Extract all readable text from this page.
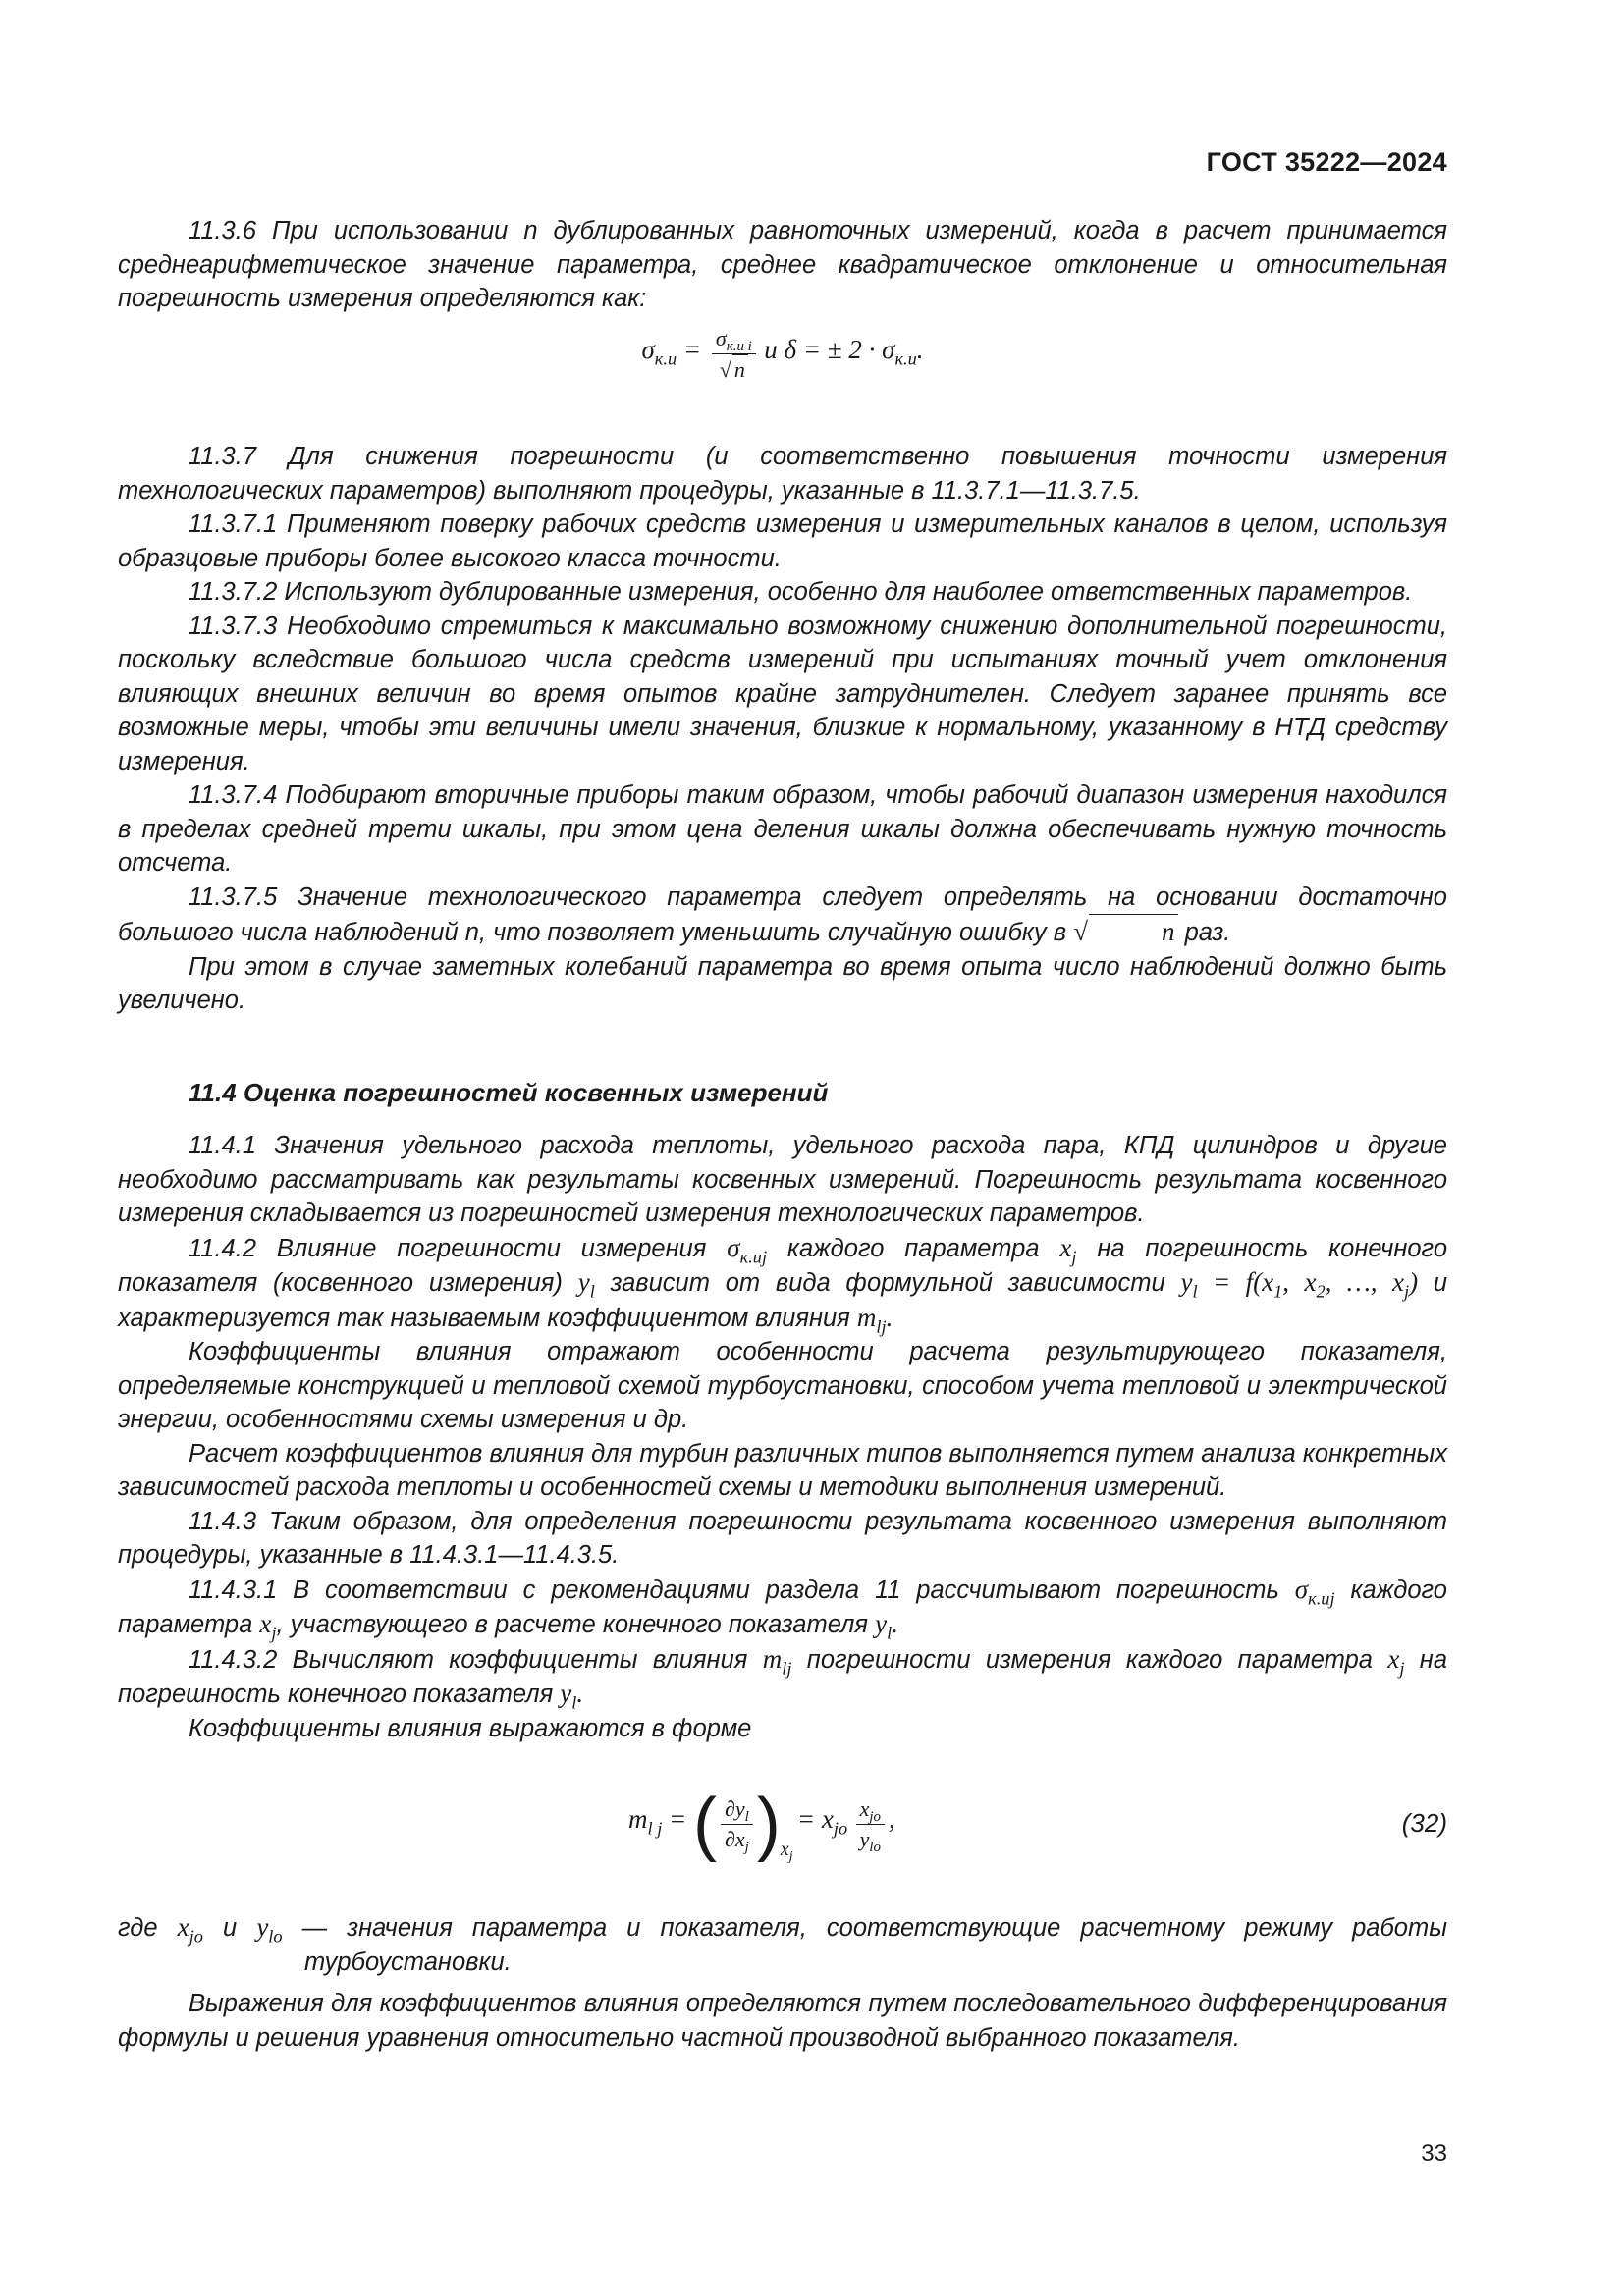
ГОСТ 35222—2024

11.3.6 При использовании n дублированных равноточных измерений, когда в расчет принимается среднеарифметическое значение параметра, среднее квадратическое отклонение и относительная погрешность измерения определяются как:

$\sigma_{к.и} = \frac{\sigma_{к.и i}}{√ n}$ и δ = ± $2 \cdot \sigma_{к.и}$.

11.3.7 Для снижения погрешности (и соответственно повышения точности измерения технологических параметров) выполняют процедуры, указанные в 11.3.7.1—11.3.7.5.

11.3.7.1 Применяют поверку рабочих средств измерения и измерительных каналов в целом, используя образцовые приборы более высокого класса точности.

11.3.7.2 Используют дублированные измерения, особенно для наиболее ответственных параметров.

11.3.7.3 Необходимо стремиться к максимально возможному снижению дополнительной погрешности, поскольку вследствие большого числа средств измерений при испытаниях точный учет отклонения влияющих внешних величин во время опытов крайне затруднителен. Следует заранее принять все возможные меры, чтобы эти величины имели значения, близкие к нормальному, указанному в НТД средству измерения.

11.3.7.4 Подбирают вторичные приборы таким образом, чтобы рабочий диапазон измерения находился в пределах средней трети шкалы, при этом цена деления шкалы должна обеспечивать нужную точность отсчета.

11.3.7.5 Значение технологического параметра следует определять на основании достаточно большого числа наблюдений n, что позволяет уменьшить случайную ошибку в √	n раз.

При этом в случае заметных колебаний параметра во время опыта число наблюдений должно быть увеличено.

11.4 Оценка погрешностей косвенных измерений

11.4.1 Значения удельного расхода теплоты, удельного расхода пара, КПД цилиндров и другие необходимо рассматривать как результаты косвенных измерений. Погрешность результата косвенного измерения складывается из погрешностей измерения технологических параметров.

11.4.2 Влияние погрешности измерения $\sigma_{к.uj}$ каждого параметра $x_j$ на погрешность конечного показателя (косвенного измерения) $y_l$ зависит от вида формульной зависимости $y_l = f(x_1$, $x_2$, …, $x_j$) и характеризуется так называемым коэффициентом влияния $m_{lj}$.

Коэффициенты влияния отражают особенности расчета результирующего показателя, определяемые конструкцией и тепловой схемой турбоустановки, способом учета тепловой и электрической энергии, особенностями схемы измерения и др.

Расчет коэффициентов влияния для турбин различных типов выполняется путем анализа конкретных зависимостей расхода теплоты и особенностей схемы и методики выполнения измерений.

11.4.3 Таким образом, для определения погрешности результата косвенного измерения выполняют процедуры, указанные в 11.4.3.1—11.4.3.5.

11.4.3.1 В соответствии с рекомендациями раздела 11 рассчитывают погрешность $\sigma_{к.uj}$ каждого параметра $x_j$, участвующего в расчете конечного показателя $y_l$.

11.4.3.2 Вычисляют коэффициенты влияния $m_{lj}$ погрешности измерения каждого параметра $x_j$ на погрешность конечного показателя $y_l$.

Коэффициенты влияния выражаются в форме

$m_{l j}$ = ( $\frac{\partial y_l}{\partial x_j} )x_j = x_{jo} \frac{x_{jo}}{y_{lo}}$ ,	(32)

где $x_{jo}$ и $y_{lo}$ — значения параметра и показателя, соответствующие расчетному режиму работы турбоустановки.

Выражения для коэффициентов влияния определяются путем последовательного дифференцирования формулы и решения уравнения относительно частной производной выбранного показателя.

33
